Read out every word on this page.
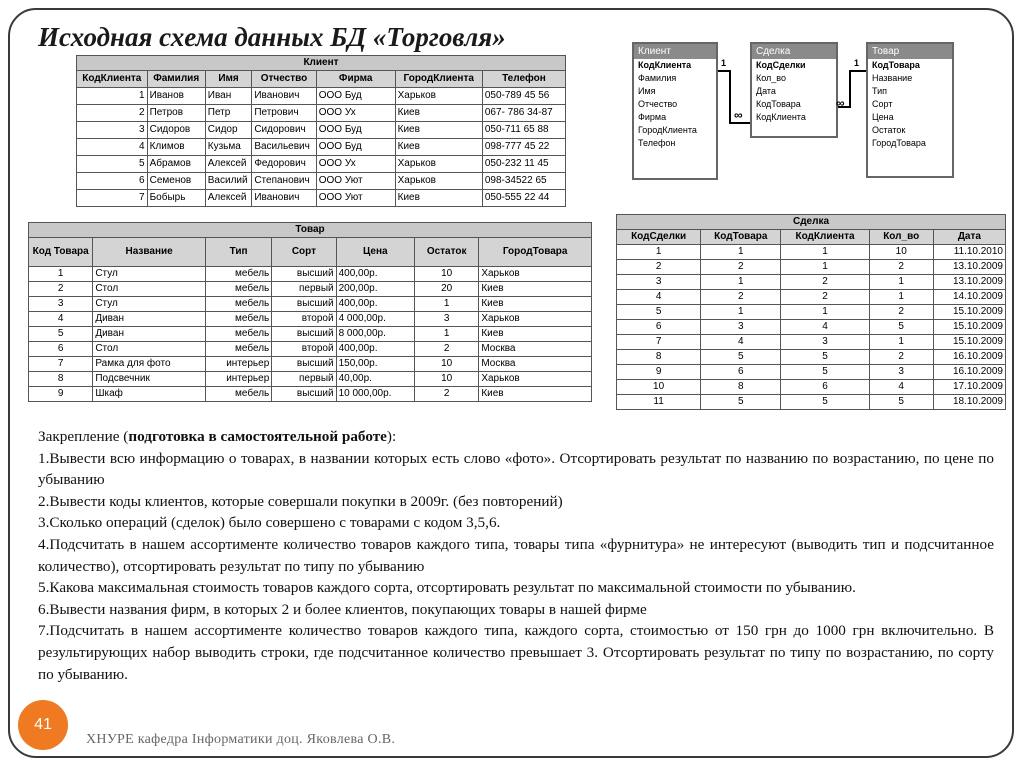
Исходная схема данных БД «Торговля»
Клиент						
КодКлиента	Фамилия	Имя	Отчество	Фирма	ГородКлиента	Телефон
1	Иванов	Иван	Иванович	ООО Буд	Харьков	050-789 45 56
2	Петров	Петр	Петрович	ООО Ух	Киев	067- 786 34-87
3	Сидоров	Сидор	Сидорович	ООО Буд	Киев	050-711 65 88
4	Климов	Кузьма	Васильевич	ООО Буд	Киев	098-777 45 22
5	Абрамов	Алексей	Федорович	ООО Ух	Харьков	050-232 11 45
6	Семенов	Василий	Степанович	ООО Уют	Харьков	098-34522 65
7	Бобырь	Алексей	Иванович	ООО Уют	Киев	050-555 22 44
Товар						
Код Товара	Название	Тип	Сорт	Цена	Остаток	ГородТовара
1	Стул	мебель	высший	400,00р.	10	Харьков
2	Стол	мебель	первый	200,00р.	20	Киев
3	Стул	мебель	высший	400,00р.	1	Киев
4	Диван	мебель	второй	4 000,00р.	3	Харьков
5	Диван	мебель	высший	8 000,00р.	1	Киев
6	Стол	мебель	второй	400,00р.	2	Москва
7	Рамка для фото	интерьер	высший	150,00р.	10	Москва
8	Подсвечник	интерьер	первый	40,00р.	10	Харьков
9	Шкаф	мебель	высший	10 000,00р.	2	Киев
Сделка				
КодСделки	КодТовара	КодКлиента	Кол_во	Дата
1	1	1	10	11.10.2010
2	2	1	2	13.10.2009
3	1	2	1	13.10.2009
4	2	2	1	14.10.2009
5	1	1	2	15.10.2009
6	3	4	5	15.10.2009
7	4	3	1	15.10.2009
8	5	5	2	16.10.2009
9	6	5	3	16.10.2009
10	8	6	4	17.10.2009
11	5	5	5	18.10.2009
Клиент
КодКлиента
Фамилия
Имя
Отчество
Фирма
ГородКлиента
Телефон
Сделка
КодСделки
Кол_во
Дата
КодТовара
КодКлиента
Товар
КодТовара
Название
Тип
Сорт
Цена
Остаток
ГородТовара
1
∞
1
∞

Закрепление (подготовка в самостоятельной работе):

1.Вывести всю информацию о товарах, в названии которых есть слово «фото». Отсортировать результат по названию по возрастанию, по цене по убыванию

2.Вывести коды клиентов, которые совершали покупки в 2009г. (без повторений)

3.Сколько операций (сделок) было совершено с товарами с кодом 3,5,6.

4.Подсчитать в нашем ассортименте количество товаров каждого типа, товары типа «фурнитура» не интересуют (выводить тип и подсчитанное количество), отсортировать результат по типу по убыванию

5.Какова максимальная стоимость товаров каждого сорта, отсортировать результат по максимальной стоимости по убыванию.

6.Вывести названия фирм, в которых 2 и более клиентов, покупающих товары в нашей фирме

7.Подсчитать в нашем ассортименте количество товаров каждого типа, каждого сорта, стоимостью от 150 грн до 1000 грн включительно. В результирующих набор выводить строки, где подсчитанное количество превышает 3. Отсортировать результат по типу по возрастанию, по сорту по убыванию.

41
ХНУРЕ кафедра Інформатики доц. Яковлева О.В.
